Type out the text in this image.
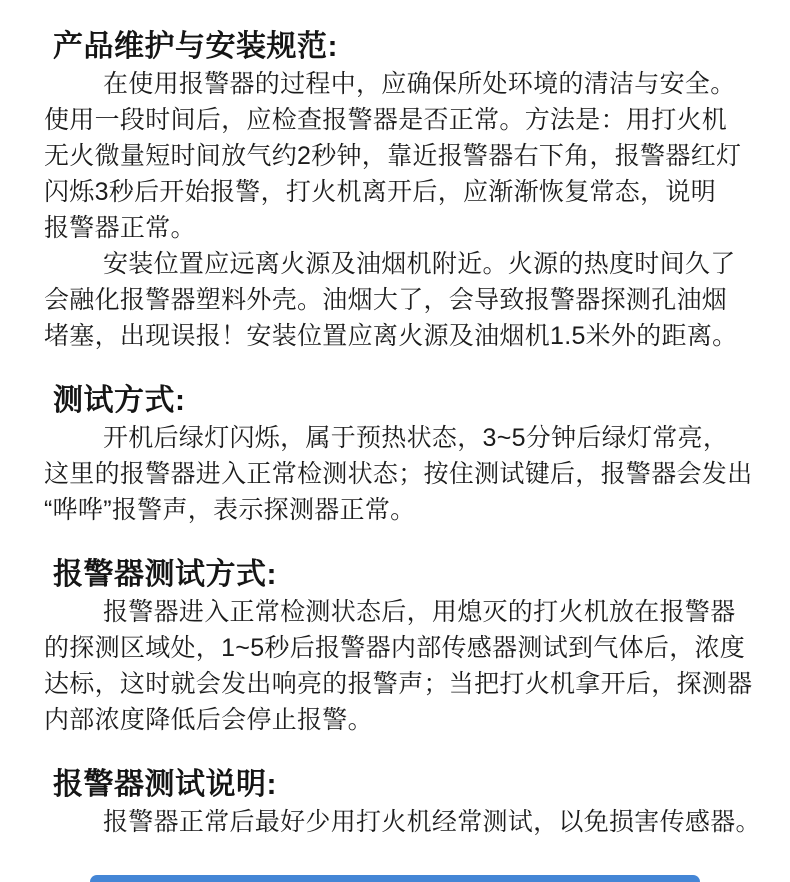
产品维护与安装规范:
在使用报警器的过程中，应确保所处环境的清洁与安全。
使用一段时间后，应检查报警器是否正常。方法是：用打火机
无火微量短时间放气约2秒钟，靠近报警器右下角，报警器红灯
闪烁3秒后开始报警，打火机离开后，应渐渐恢复常态，说明
报警器正常。
安装位置应远离火源及油烟机附近。火源的热度时间久了
会融化报警器塑料外壳。油烟大了，会导致报警器探测孔油烟
堵塞，出现误报！安装位置应离火源及油烟机1.5米外的距离。
测试方式:
开机后绿灯闪烁，属于预热状态，3~5分钟后绿灯常亮，
这里的报警器进入正常检测状态；按住测试键后，报警器会发出
“哗哗”报警声，表示探测器正常。
报警器测试方式:
报警器进入正常检测状态后，用熄灭的打火机放在报警器
的探测区域处，1~5秒后报警器内部传感器测试到气体后，浓度
达标，这时就会发出响亮的报警声；当把打火机拿开后，探测器
内部浓度降低后会停止报警。
报警器测试说明:
报警器正常后最好少用打火机经常测试，以免损害传感器。
